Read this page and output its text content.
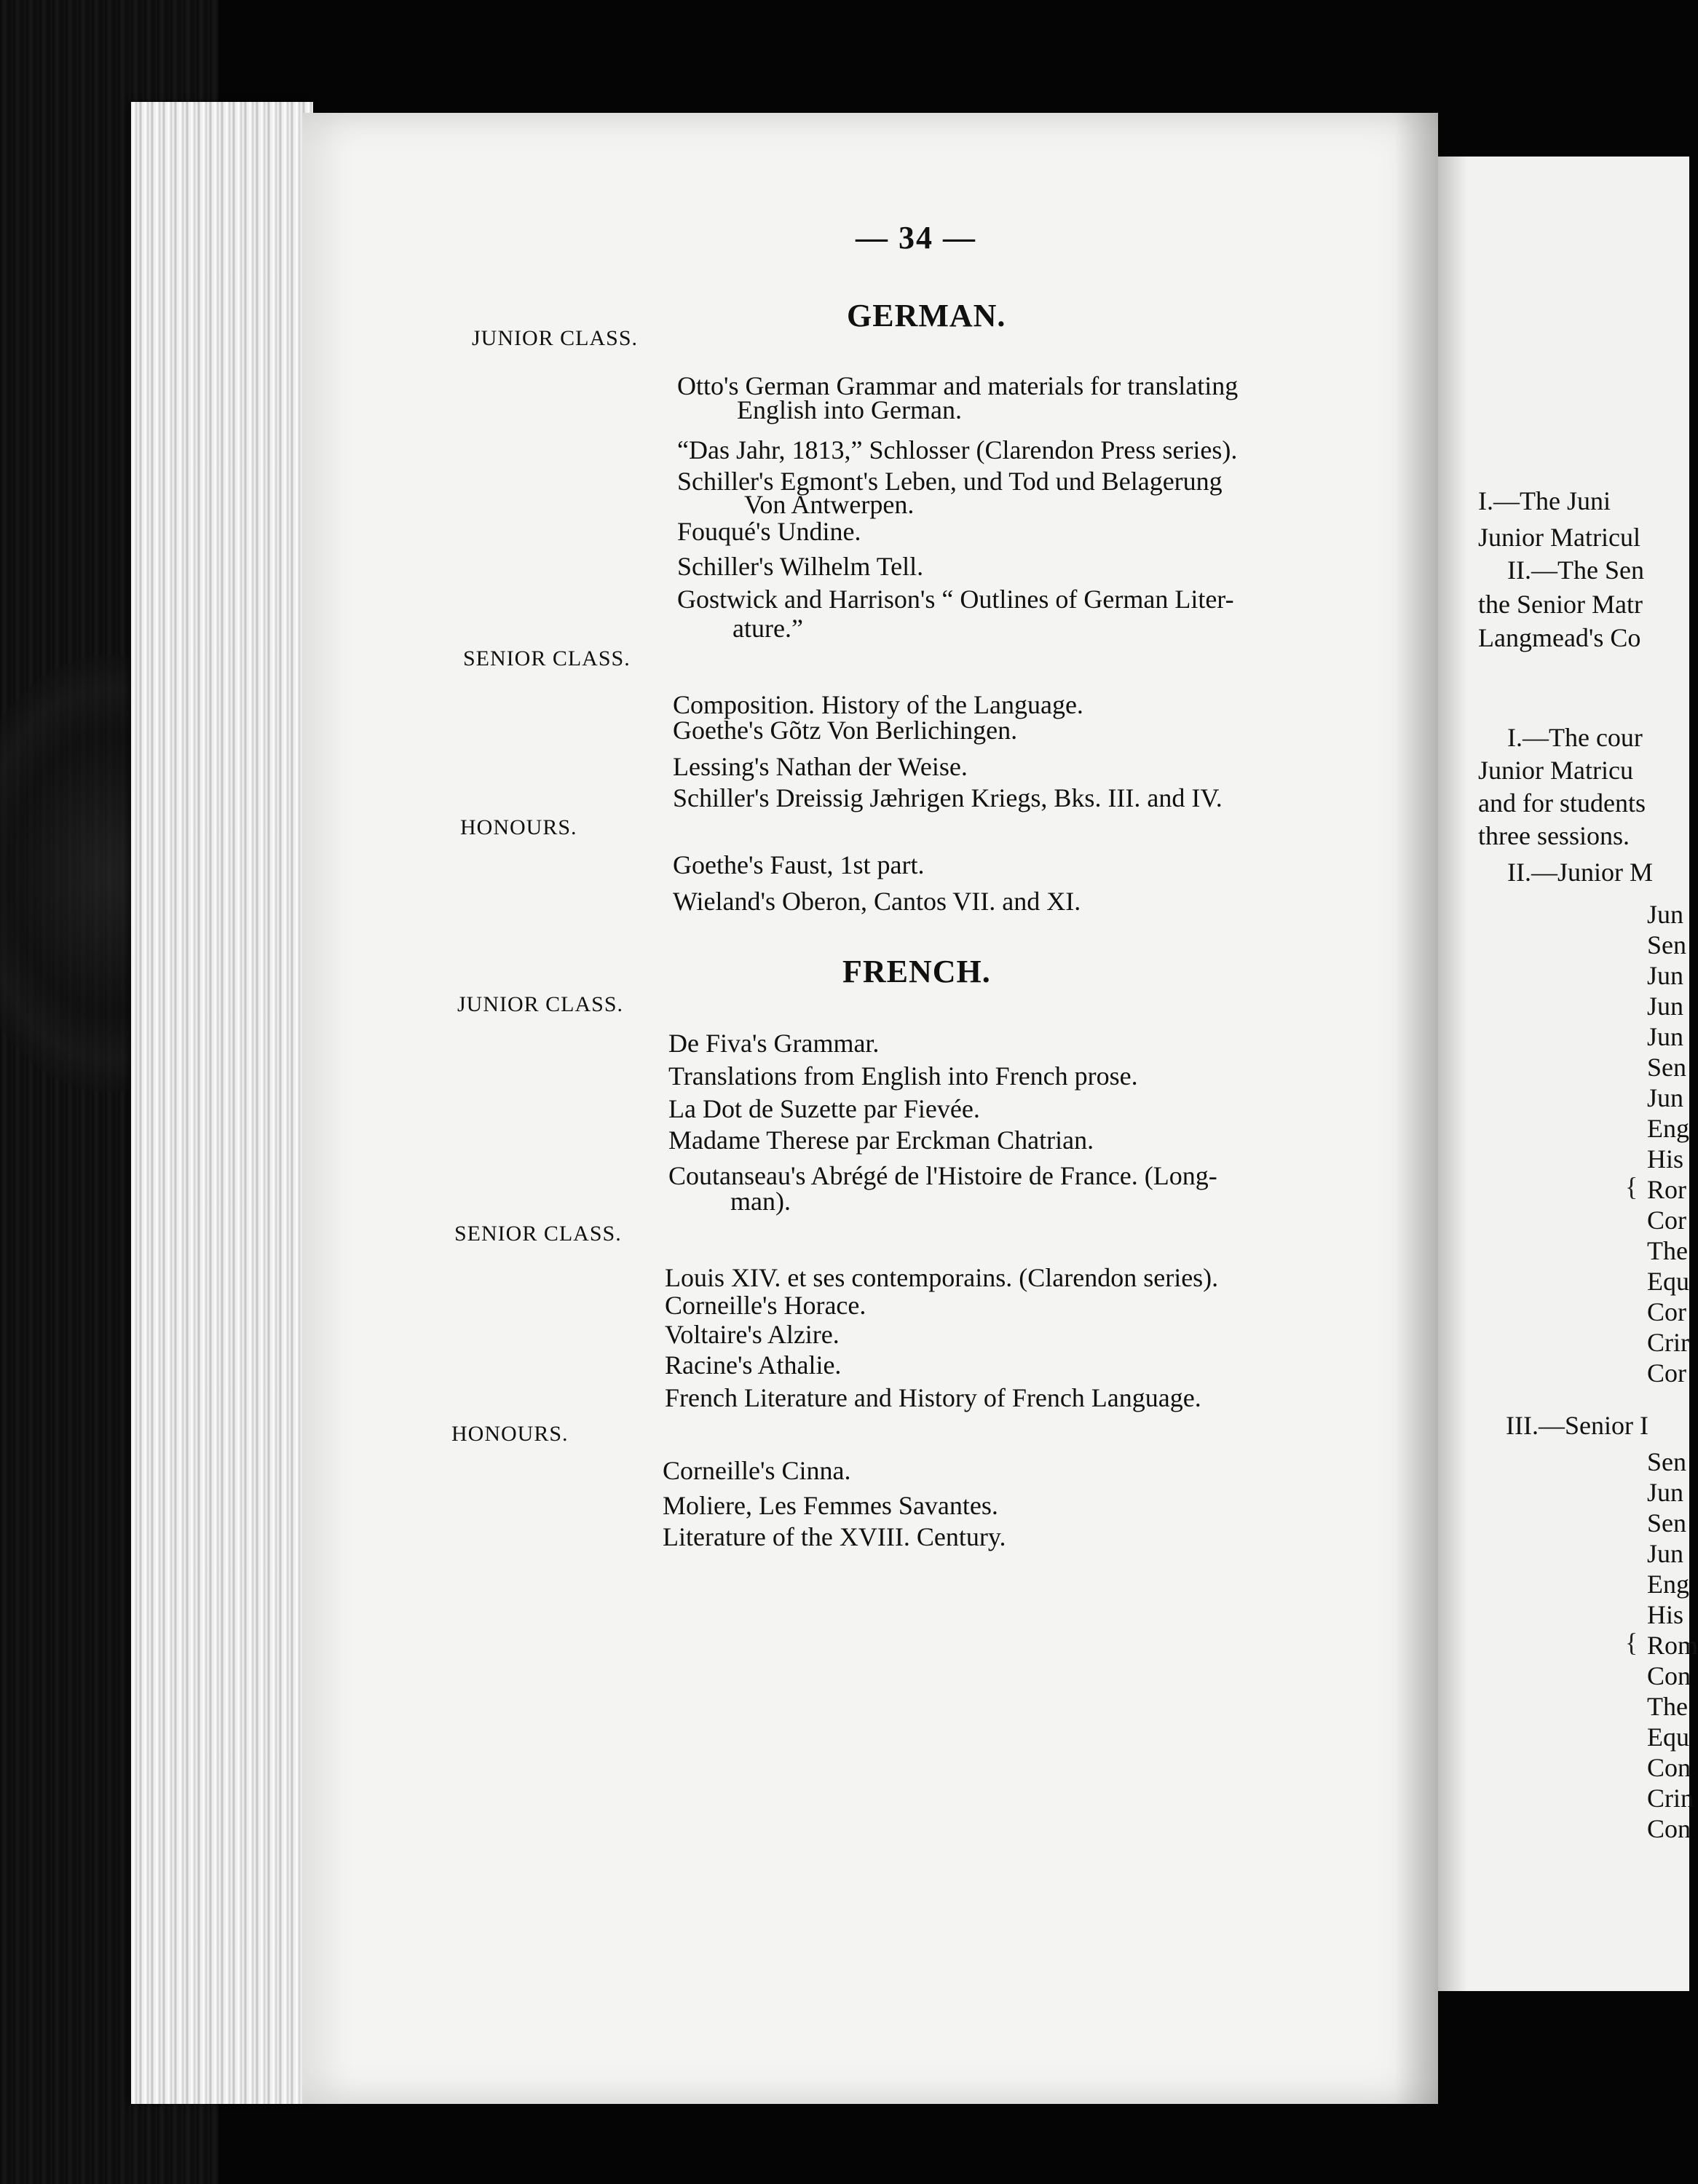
— 34 —
GERMAN.
JUNIOR CLASS.
Otto's German Grammar and materials for translating
English into German.
“Das Jahr, 1813,” Schlosser (Clarendon Press series).
Schiller's Egmont's Leben, und Tod und Belagerung
Von Antwerpen.
Fouqué's Undine.
Schiller's Wilhelm Tell.
Gostwick and Harrison's “ Outlines of German Liter-
ature.”
SENIOR CLASS.
Composition. History of the Language.
Goethe's Gõtz Von Berlichingen.
Lessing's Nathan der Weise.
Schiller's Dreissig Jæhrigen Kriegs, Bks. III. and IV.
HONOURS.
Goethe's Faust, 1st part.
Wieland's Oberon, Cantos VII. and XI.
FRENCH.
JUNIOR CLASS.
De Fiva's Grammar.
Translations from English into French prose.
La Dot de Suzette par Fievée.
Madame Therese par Erckman Chatrian.
Coutanseau's Abrégé de l'Histoire de France. (Long-
man).
SENIOR CLASS.
Louis XIV. et ses contemporains. (Clarendon series).
Corneille's Horace.
Voltaire's Alzire.
Racine's Athalie.
French Literature and History of French Language.
HONOURS.
Corneille's Cinna.
Moliere, Les Femmes Savantes.
Literature of the XVIII. Century.
I.—The Juni
Junior Matricul
II.—The Sen
the Senior Matr
Langmead's Co
I.—The cour
Junior Matricu
and for students
three sessions.
II.—Junior M
Jun
Sen
Jun
Jun
Jun
Sen
Jun
Eng
His
{ Ror
Cor
The
Equ
Cor
Crir
Cor
III.—Senior I
Sen
Jun
Sen
Jun
Eng
His
{ Rom
Con
The
Equ
Con
Crin
Con
